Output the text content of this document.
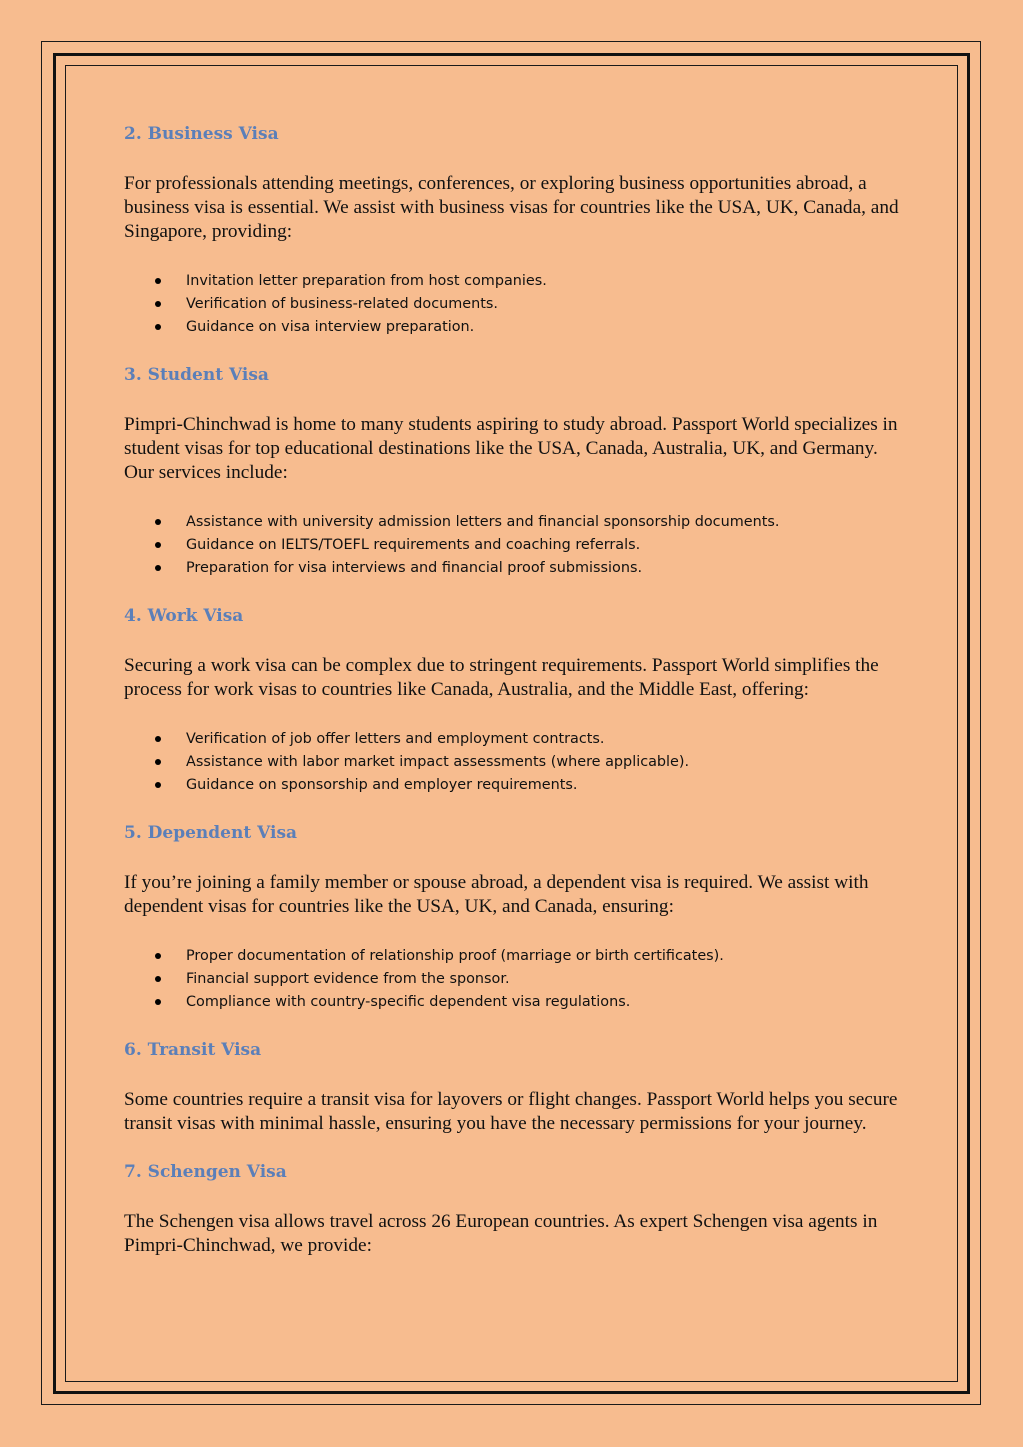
2. Business Visa

For professionals attending meetings, conferences, or exploring business opportunities abroad, a business visa is essential. We assist with business visas for countries like the USA, UK, Canada, and Singapore, providing:

Invitation letter preparation from host companies.
Verification of business-related documents.
Guidance on visa interview preparation.
3. Student Visa

Pimpri-Chinchwad is home to many students aspiring to study abroad. Passport World specializes in student visas for top educational destinations like the USA, Canada, Australia, UK, and Germany. Our services include:

Assistance with university admission letters and financial sponsorship documents.
Guidance on IELTS/TOEFL requirements and coaching referrals.
Preparation for visa interviews and financial proof submissions.
4. Work Visa

Securing a work visa can be complex due to stringent requirements. Passport World simplifies the process for work visas to countries like Canada, Australia, and the Middle East, offering:

Verification of job offer letters and employment contracts.
Assistance with labor market impact assessments (where applicable).
Guidance on sponsorship and employer requirements.
5. Dependent Visa

If you’re joining a family member or spouse abroad, a dependent visa is required. We assist with dependent visas for countries like the USA, UK, and Canada, ensuring:

Proper documentation of relationship proof (marriage or birth certificates).
Financial support evidence from the sponsor.
Compliance with country-specific dependent visa regulations.
6. Transit Visa

Some countries require a transit visa for layovers or flight changes. Passport World helps you secure transit visas with minimal hassle, ensuring you have the necessary permissions for your journey.

7. Schengen Visa

The Schengen visa allows travel across 26 European countries. As expert Schengen visa agents in Pimpri-Chinchwad, we provide:
